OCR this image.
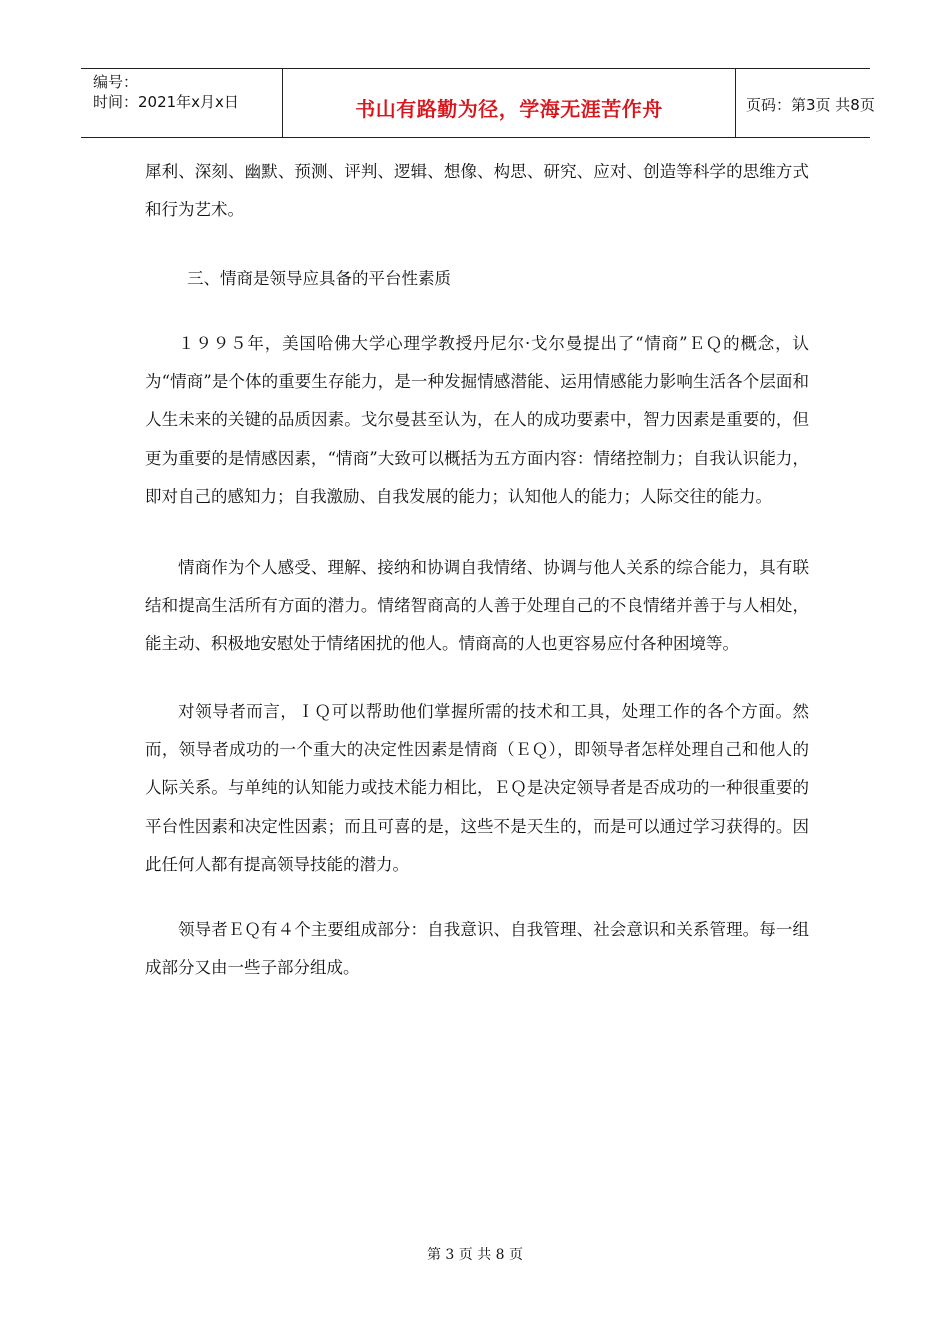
编号：
时间：2021年x月x日	书山有路勤为径，学海无涯苦作舟	页码：第3页 共8页

犀利、深刻、幽默、预测、评判、逻辑、想像、构思、研究、应对、创造等科学的思维方式和行为艺术。

三、情商是领导应具备的平台性素质

１９９５年，美国哈佛大学心理学教授丹尼尔·戈尔曼提出了“情商”ＥＱ的概念，认为“情商”是个体的重要生存能力，是一种发掘情感潜能、运用情感能力影响生活各个层面和人生未来的关键的品质因素。戈尔曼甚至认为，在人的成功要素中，智力因素是重要的，但更为重要的是情感因素，“情商”大致可以概括为五方面内容：情绪控制力；自我认识能力，即对自己的感知力；自我激励、自我发展的能力；认知他人的能力；人际交往的能力。

情商作为个人感受、理解、接纳和协调自我情绪、协调与他人关系的综合能力，具有联结和提高生活所有方面的潜力。情绪智商高的人善于处理自己的不良情绪并善于与人相处，能主动、积极地安慰处于情绪困扰的他人。情商高的人也更容易应付各种困境等。

对领导者而言，ＩＱ可以帮助他们掌握所需的技术和工具，处理工作的各个方面。然而，领导者成功的一个重大的决定性因素是情商（ＥＱ），即领导者怎样处理自己和他人的人际关系。与单纯的认知能力或技术能力相比，ＥＱ是决定领导者是否成功的一种很重要的平台性因素和决定性因素；而且可喜的是，这些不是天生的，而是可以通过学习获得的。因此任何人都有提高领导技能的潜力。

领导者ＥＱ有４个主要组成部分：自我意识、自我管理、社会意识和关系管理。每一组成部分又由一些子部分组成。

第 3 页 共 8 页
